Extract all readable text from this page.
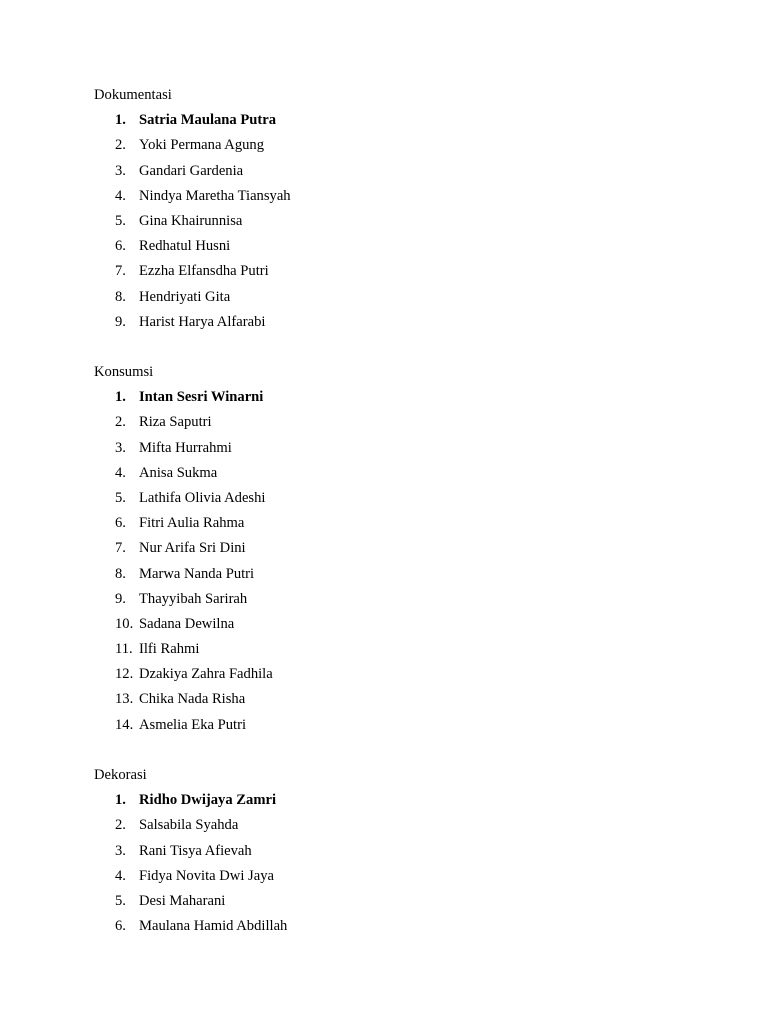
Dokumentasi
1. Satria Maulana Putra
2. Yoki Permana Agung
3. Gandari Gardenia
4. Nindya Maretha Tiansyah
5. Gina Khairunnisa
6. Redhatul Husni
7. Ezzha Elfansdha Putri
8. Hendriyati Gita
9. Harist Harya Alfarabi
Konsumsi
1. Intan Sesri Winarni
2. Riza Saputri
3. Mifta Hurrahmi
4. Anisa Sukma
5. Lathifa Olivia Adeshi
6. Fitri Aulia Rahma
7. Nur Arifa Sri Dini
8. Marwa Nanda Putri
9. Thayyibah Sarirah
10. Sadana Dewilna
11. Ilfi Rahmi
12. Dzakiya Zahra Fadhila
13. Chika Nada Risha
14. Asmelia Eka Putri
Dekorasi
1. Ridho Dwijaya Zamri
2. Salsabila Syahda
3. Rani Tisya Afievah
4. Fidya Novita Dwi Jaya
5. Desi Maharani
6. Maulana Hamid Abdillah
